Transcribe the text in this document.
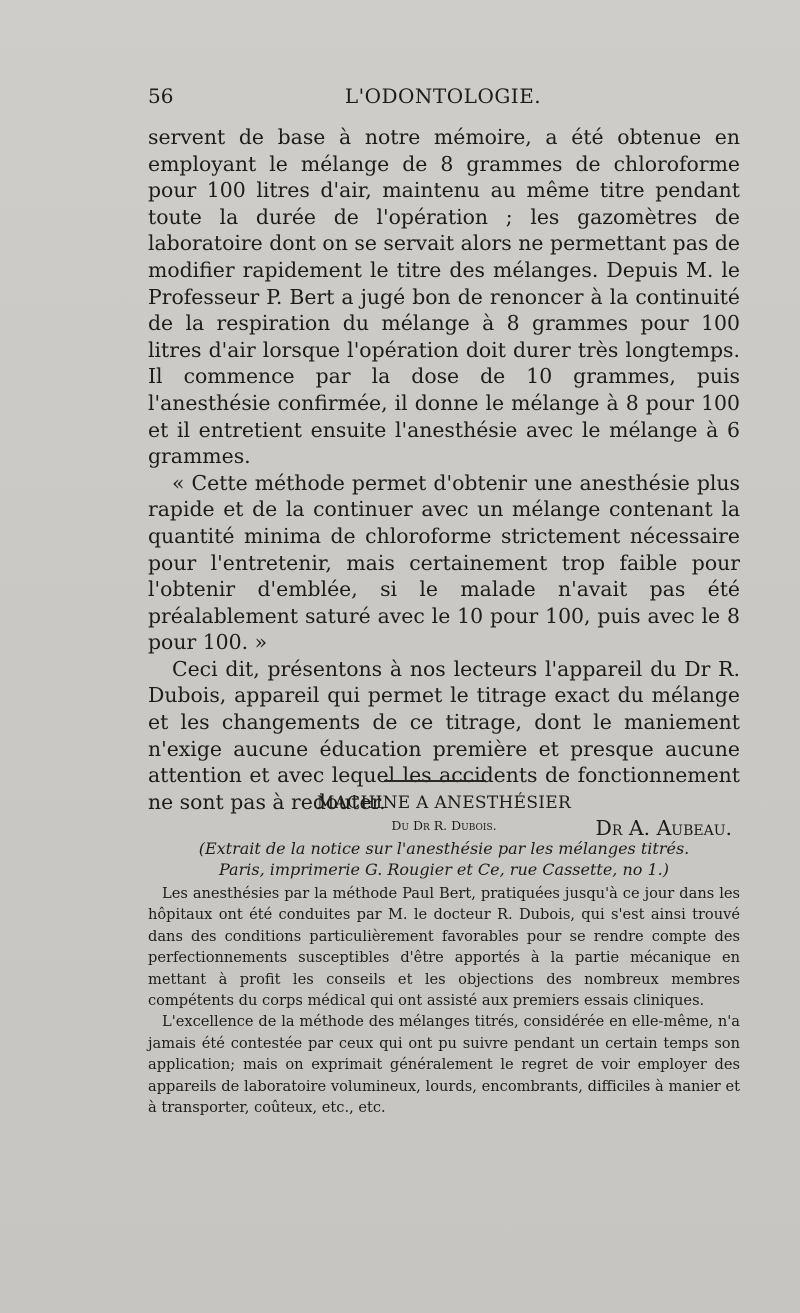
56	L'ODONTOLOGIE.

servent de base à notre mémoire, a été obtenue en employant le mélange de 8 grammes de chloroforme pour 100 litres d'air, maintenu au même titre pendant toute la durée de l'opération ; les gazomètres de laboratoire dont on se servait alors ne permettant pas de modifier rapidement le titre des mélanges. Depuis M. le Professeur P. Bert a jugé bon de renoncer à la continuité de la respiration du mélange à 8 grammes pour 100 litres d'air lorsque l'opération doit durer très longtemps. Il commence par la dose de 10 grammes, puis l'anesthésie confirmée, il donne le mélange à 8 pour 100 et il entretient ensuite l'anesthésie avec le mélange à 6 grammes.

« Cette méthode permet d'obtenir une anesthésie plus rapide et de la continuer avec un mélange contenant la quantité minima de chloroforme strictement nécessaire pour l'entretenir, mais certainement trop faible pour l'obtenir d'emblée, si le malade n'avait pas été préalablement saturé avec le 10 pour 100, puis avec le 8 pour 100. »

Ceci dit, présentons à nos lecteurs l'appareil du Dr R. Dubois, appareil qui permet le titrage exact du mélange et les changements de ce titrage, dont le maniement n'exige aucune éducation première et presque aucune attention et avec lequel les accidents de fonctionnement ne sont pas à redouter.

Dr A. Aubeau.

MACHINE A ANESTHÉSIER
Du Dr R. Dubois.
(Extrait de la notice sur l'anesthésie par les mélanges titrés.
Paris, imprimerie G. Rougier et Ce, rue Cassette, no 1.)

Les anesthésies par la méthode Paul Bert, pratiquées jusqu'à ce jour dans les hôpitaux ont été conduites par M. le docteur R. Dubois, qui s'est ainsi trouvé dans des conditions particulièrement favorables pour se rendre compte des perfectionnements susceptibles d'être apportés à la partie mécanique en mettant à profit les conseils et les objections des nombreux membres compétents du corps médical qui ont assisté aux premiers essais cliniques.

L'excellence de la méthode des mélanges titrés, considérée en elle-même, n'a jamais été contestée par ceux qui ont pu suivre pendant un certain temps son application; mais on exprimait généralement le regret de voir employer des appareils de laboratoire volumineux, lourds, encombrants, difficiles à manier et à transporter, coûteux, etc., etc.
